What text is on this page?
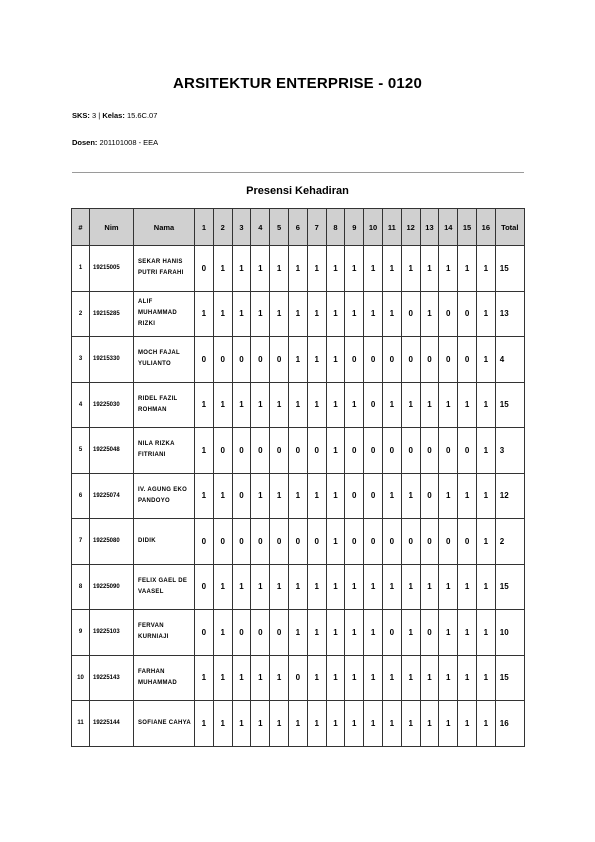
ARSITEKTUR ENTERPRISE - 0120
SKS: 3 | Kelas: 15.6C.07
Dosen: 201101008 - EEA
Presensi Kehadiran
#	Nim	Nama	1	2	3	4	5	6	7	8	9	10	11	12	13	14	15	16	Total
1	19215005	SEKAR HANIS PUTRI FARAHI	0	1	1	1	1	1	1	1	1	1	1	1	1	1	1	1	15
2	19215285	ALIF MUHAMMAD RIZKI	1	1	1	1	1	1	1	1	1	1	1	0	1	0	0	1	13
3	19215330	MOCH FAJAL YULIANTO	0	0	0	0	0	1	1	1	0	0	0	0	0	0	0	1	4
4	19225030	RIDEL FAZIL ROHMAN	1	1	1	1	1	1	1	1	1	0	1	1	1	1	1	1	15
5	19225048	NILA RIZKA FITRIANI	1	0	0	0	0	0	0	1	0	0	0	0	0	0	0	1	3
6	19225074	IV. AGUNG EKO PANDOYO	1	1	0	1	1	1	1	1	0	0	1	1	0	1	1	1	12
7	19225080	DIDIK	0	0	0	0	0	0	0	1	0	0	0	0	0	0	0	1	2
8	19225090	FELIX GAEL DE VAASEL	0	1	1	1	1	1	1	1	1	1	1	1	1	1	1	1	15
9	19225103	FERVAN KURNIAJI	0	1	0	0	0	1	1	1	1	1	0	1	0	1	1	1	10
10	19225143	FARHAN MUHAMMAD	1	1	1	1	1	0	1	1	1	1	1	1	1	1	1	1	15
11	19225144	SOFIANE CAHYA	1	1	1	1	1	1	1	1	1	1	1	1	1	1	1	1	16
